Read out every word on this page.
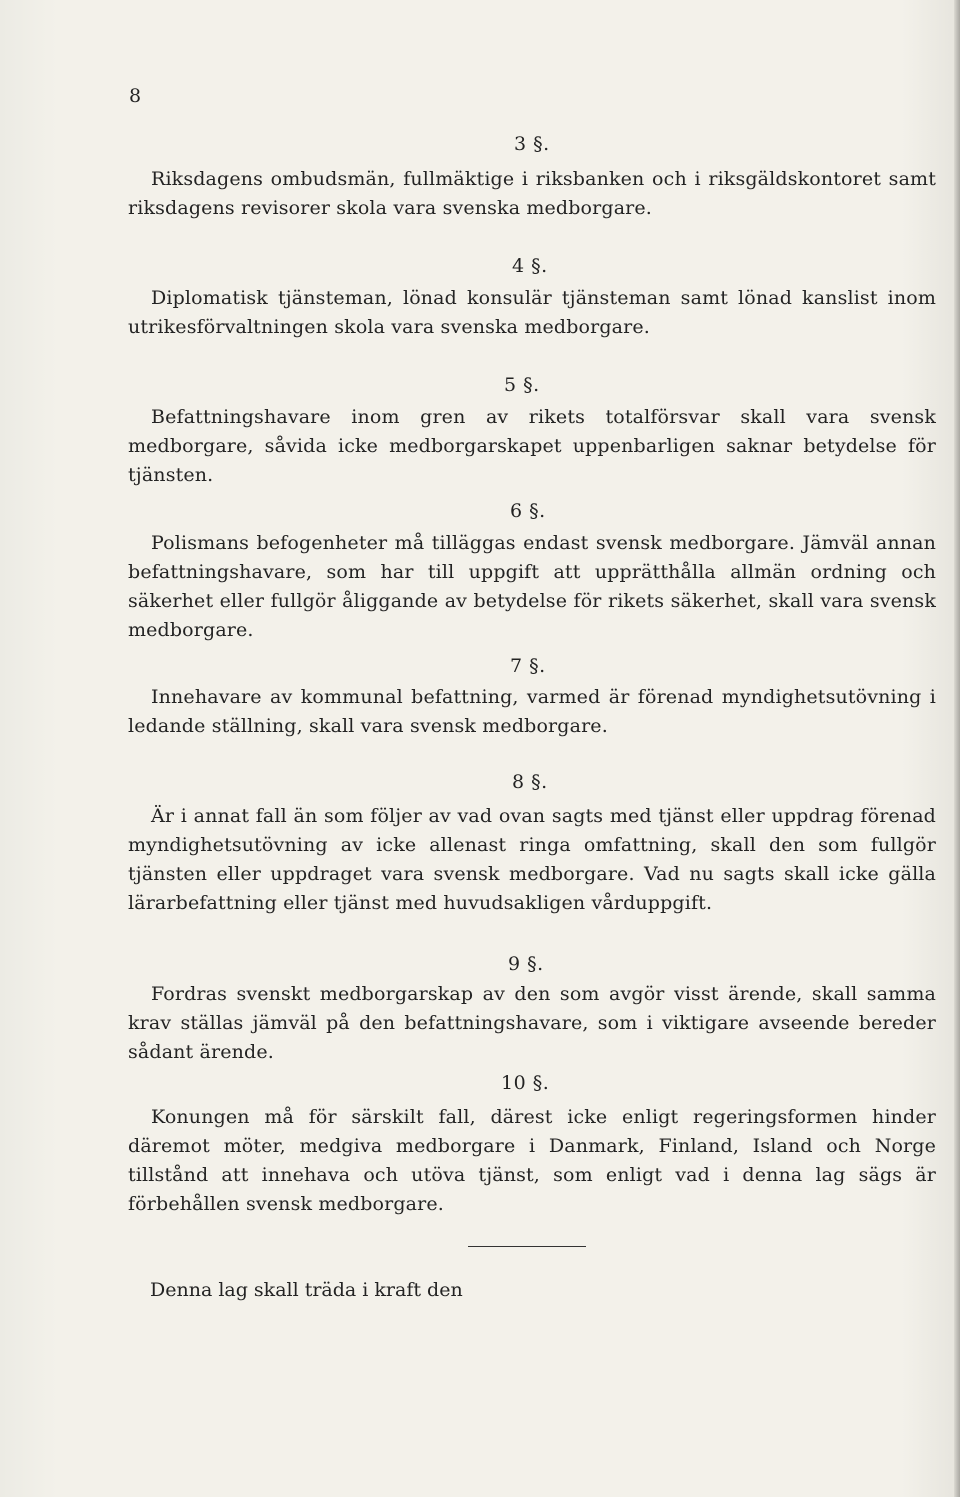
8
3 §.

Riksdagens ombudsmän, fullmäktige i riksbanken och i riksgäldskontoret samt riksdagens revisorer skola vara svenska medborgare.

4 §.

Diplomatisk tjänsteman, lönad konsulär tjänsteman samt lönad kanslist inom utrikesförvaltningen skola vara svenska medborgare.

5 §.

Befattningshavare inom gren av rikets totalförsvar skall vara svensk medborgare, såvida icke medborgarskapet uppenbarligen saknar betydelse för tjänsten.

6 §.

Polismans befogenheter må tilläggas endast svensk medborgare. Jämväl annan befattningshavare, som har till uppgift att upprätthålla allmän ordning och säkerhet eller fullgör åliggande av betydelse för rikets säkerhet, skall vara svensk medborgare.

7 §.

Innehavare av kommunal befattning, varmed är förenad myndighetsutövning i ledande ställning, skall vara svensk medborgare.

8 §.

Är i annat fall än som följer av vad ovan sagts med tjänst eller uppdrag förenad myndighetsutövning av icke allenast ringa omfattning, skall den som fullgör tjänsten eller uppdraget vara svensk medborgare. Vad nu sagts skall icke gälla lärarbefattning eller tjänst med huvudsakligen vårduppgift.

9 §.

Fordras svenskt medborgarskap av den som avgör visst ärende, skall samma krav ställas jämväl på den befattningshavare, som i viktigare avseende bereder sådant ärende.

10 §.

Konungen må för särskilt fall, därest icke enligt regeringsformen hinder däremot möter, medgiva medborgare i Danmark, Finland, Island och Norge tillstånd att innehava och utöva tjänst, som enligt vad i denna lag sägs är förbehållen svensk medborgare.

Denna lag skall träda i kraft den
